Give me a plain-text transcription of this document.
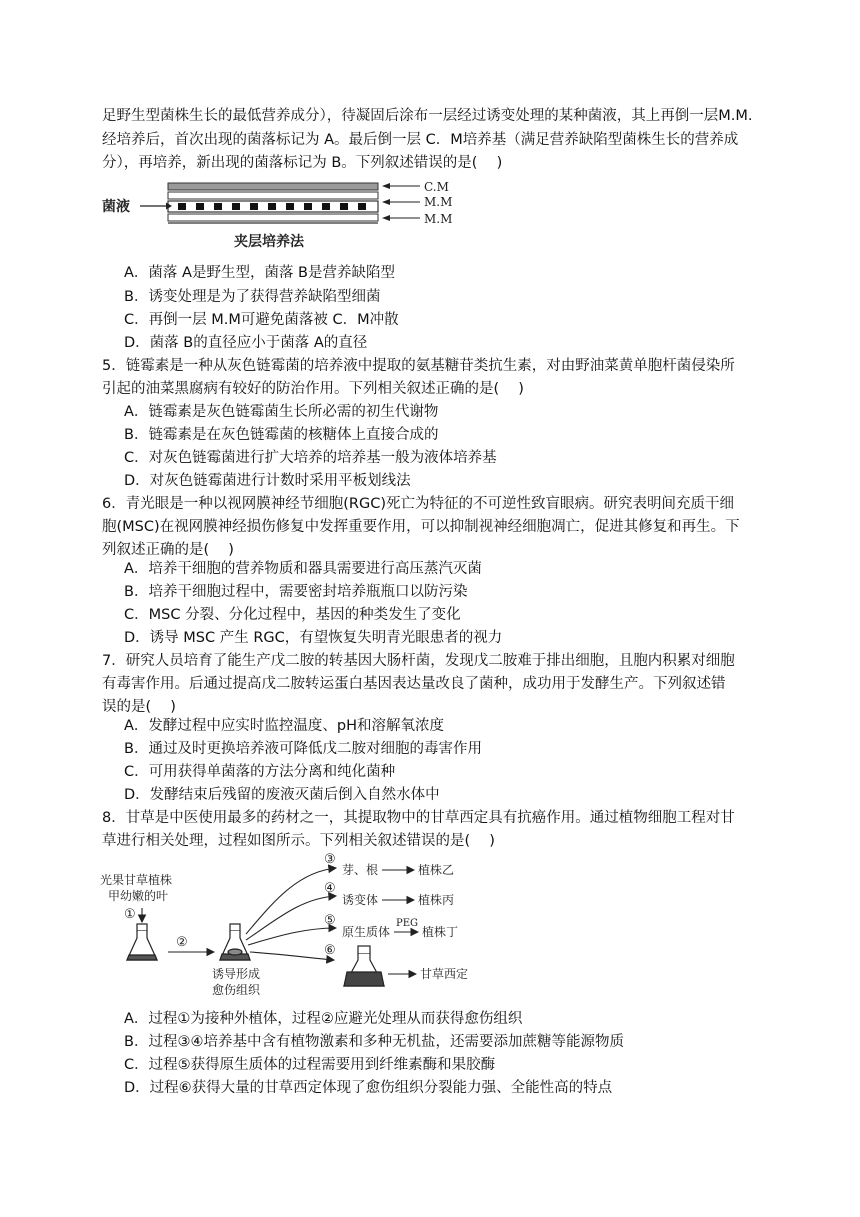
足野生型菌株生长的最低营养成分），待凝固后涂布一层经过诱变处理的某种菌液，其上再倒一层M.M.
经培养后，首次出现的菌落标记为 A。最后倒一层 C．M培养基（满足营养缺陷型菌株生长的营养成
分），再培养，新出现的菌落标记为 B。下列叙述错误的是(　 )
菌液
C.M
M.M
M.M
夹层培养法
A．菌落 A是野生型，菌落 B是营养缺陷型
B．诱变处理是为了获得营养缺陷型细菌
C．再倒一层 M.M可避免菌落被 C．M冲散
D．菌落 B的直径应小于菌落 A的直径
5．链霉素是一种从灰色链霉菌的培养液中提取的氨基糖苷类抗生素，对由野油菜黄单胞杆菌侵染所
引起的油菜黑腐病有较好的防治作用。下列相关叙述正确的是(　 )
A．链霉素是灰色链霉菌生长所必需的初生代谢物
B．链霉素是在灰色链霉菌的核糖体上直接合成的
C．对灰色链霉菌进行扩大培养的培养基一般为液体培养基
D．对灰色链霉菌进行计数时采用平板划线法
6．青光眼是一种以视网膜神经节细胞(RGC)死亡为特征的不可逆性致盲眼病。研究表明间充质干细
胞(MSC)在视网膜神经损伤修复中发挥重要作用，可以抑制视神经细胞凋亡，促进其修复和再生。下
列叙述正确的是(　 )
A．培养干细胞的营养物质和器具需要进行高压蒸汽灭菌
B．培养干细胞过程中，需要密封培养瓶瓶口以防污染
C．MSC 分裂、分化过程中，基因的种类发生了变化
D．诱导 MSC 产生 RGC，有望恢复失明青光眼患者的视力
7．研究人员培育了能生产戊二胺的转基因大肠杆菌，发现戊二胺难于排出细胞，且胞内积累对细胞
有毒害作用。后通过提高戊二胺转运蛋白基因表达量改良了菌种，成功用于发酵生产。下列叙述错
误的是(　 )
A．发酵过程中应实时监控温度、pH和溶解氧浓度
B．通过及时更换培养液可降低戊二胺对细胞的毒害作用
C．可用获得单菌落的方法分离和纯化菌种
D．发酵结束后残留的废液灭菌后倒入自然水体中
8．甘草是中医使用最多的药材之一，其提取物中的甘草西定具有抗癌作用。通过植物细胞工程对甘
草进行相关处理，过程如图所示。下列相关叙述错误的是(　 )
光果甘草植株
甲幼嫩的叶
①
②
诱导形成
愈伤组织
③
芽、根	植株乙
④
诱变体	植株丙
⑤
原生质体
PEG
植株丁
⑥
甘草西定
A．过程①为接种外植体，过程②应避光处理从而获得愈伤组织
B．过程③④培养基中含有植物激素和多种无机盐，还需要添加蔗糖等能源物质
C．过程⑤获得原生质体的过程需要用到纤维素酶和果胶酶
D．过程⑥获得大量的甘草西定体现了愈伤组织分裂能力强、全能性高的特点
